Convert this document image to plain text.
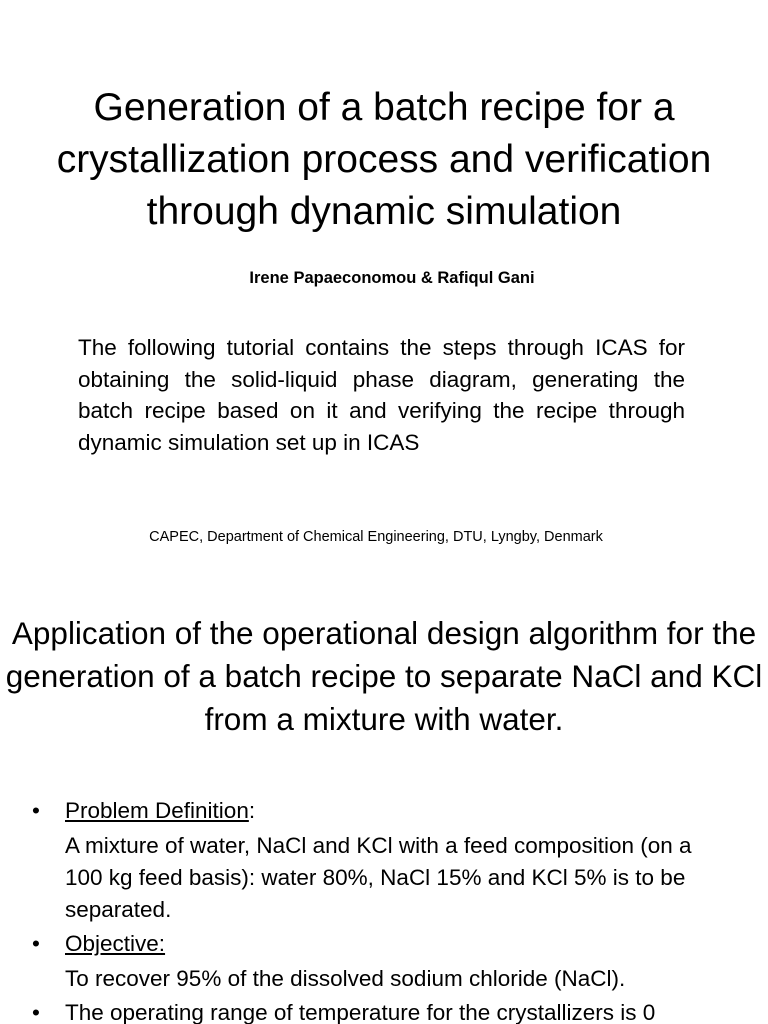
Generation of a batch recipe for a crystallization process and verification through dynamic simulation

Irene Papaeconomou & Rafiqul Gani

The following tutorial contains the steps through ICAS for obtaining the solid-liquid phase diagram, generating the batch recipe based on it and verifying the recipe through dynamic simulation set up in ICAS

CAPEC, Department of Chemical Engineering, DTU, Lyngby, Denmark

Application of the operational design algorithm for the generation of a batch recipe to separate NaCl and KCl from a mixture with water.
• Problem Definition:

A mixture of water, NaCl and KCl with a feed composition (on a 100 kg feed basis): water 80%, NaCl 15% and KCl 5% is to be separated.

• Objective:

To recover 95% of the dissolved sodium chloride (NaCl).

• The operating range of temperature for the crystallizers is 0
